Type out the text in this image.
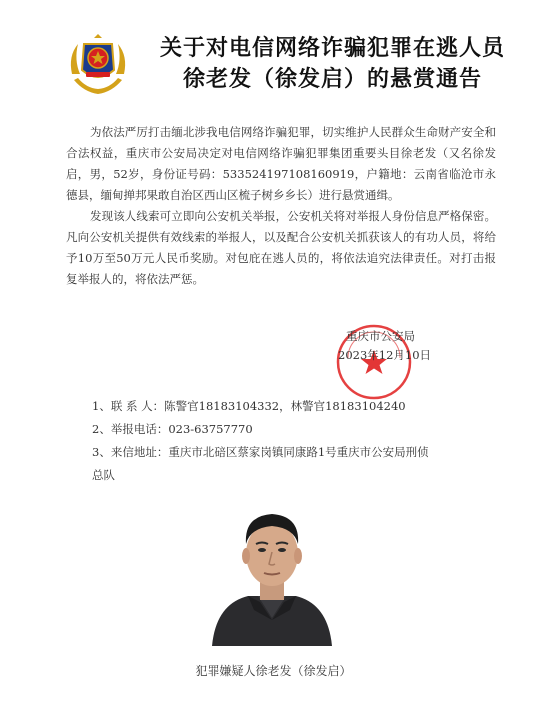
关于对电信网络诈骗犯罪在逃人员
徐老发（徐发启）的悬赏通告

为依法严厉打击缅北涉我电信网络诈骗犯罪，切实维护人民群众生命财产安全和合法权益，重庆市公安局决定对电信网络诈骗犯罪集团重要头目徐老发（又名徐发启，男，52岁，身份证号码：533524197108160919，户籍地：云南省临沧市永德县，缅甸掸邦果敢自治区西山区梳子树乡乡长）进行悬赏通缉。

发现该人线索可立即向公安机关举报，公安机关将对举报人身份信息严格保密。凡向公安机关提供有效线索的举报人，以及配合公安机关抓获该人的有功人员，将给予10万至50万元人民币奖励。对包庇在逃人员的，将依法追究法律责任。对打击报复举报人的，将依法严惩。

重庆市公安局
2023年12月10日
1、联 系 人：陈警官18183104332，林警官18183104240
2、举报电话：023-63757770
3、来信地址：重庆市北碚区蔡家岗镇同康路1号重庆市公安局刑侦
总队
犯罪嫌疑人徐老发（徐发启）
